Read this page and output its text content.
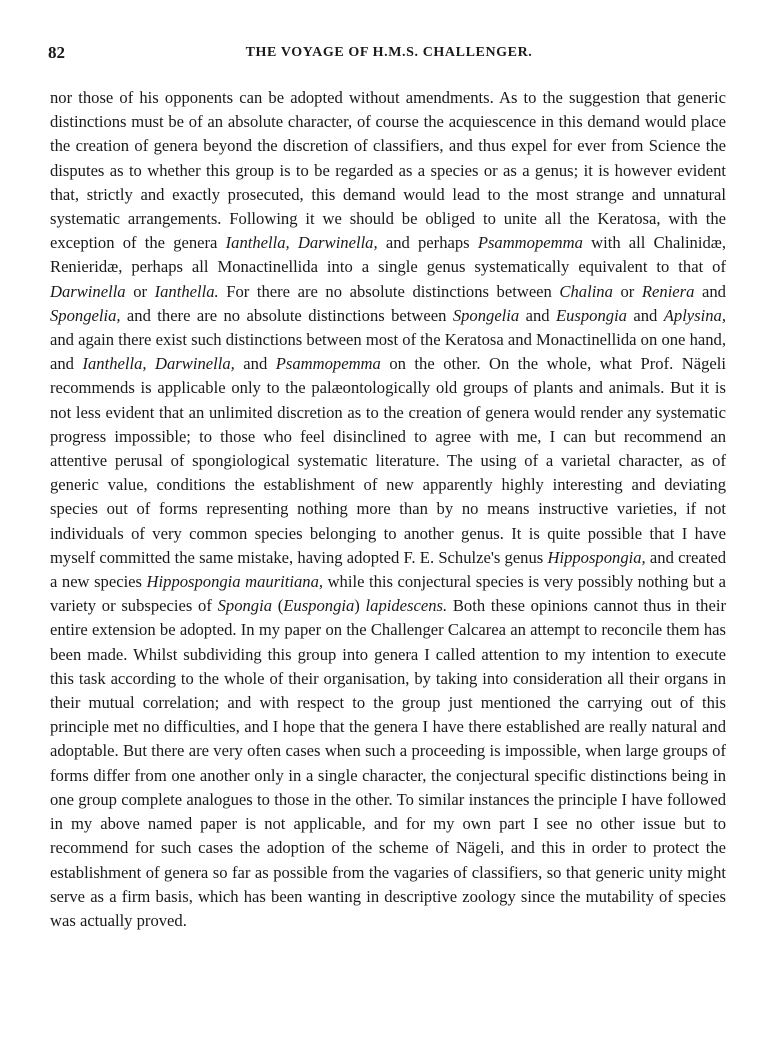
82	THE VOYAGE OF H.M.S. CHALLENGER.

nor those of his opponents can be adopted without amendments. As to the suggestion that generic distinctions must be of an absolute character, of course the acquiescence in this demand would place the creation of genera beyond the discretion of classifiers, and thus expel for ever from Science the disputes as to whether this group is to be regarded as a species or as a genus; it is however evident that, strictly and exactly prosecuted, this demand would lead to the most strange and unnatural systematic arrangements. Following it we should be obliged to unite all the Keratosa, with the exception of the genera Ianthella, Darwinella, and perhaps Psammopemma with all Chalinidæ, Renieridæ, perhaps all Monactinellida into a single genus systematically equivalent to that of Darwinella or Ianthella. For there are no absolute distinctions between Chalina or Reniera and Spongelia, and there are no absolute distinctions between Spongelia and Euspongia and Aplysina, and again there exist such distinctions between most of the Keratosa and Monactinellida on one hand, and Ianthella, Darwinella, and Psammopemma on the other. On the whole, what Prof. Nägeli recommends is applicable only to the palæontologically old groups of plants and animals. But it is not less evident that an unlimited discretion as to the creation of genera would render any systematic progress impossible; to those who feel disinclined to agree with me, I can but recommend an attentive perusal of spongiological systematic literature. The using of a varietal character, as of generic value, conditions the establishment of new apparently highly interesting and deviating species out of forms representing nothing more than by no means instructive varieties, if not individuals of very common species belonging to another genus. It is quite possible that I have myself committed the same mistake, having adopted F. E. Schulze's genus Hippospongia, and created a new species Hippospongia mauritiana, while this conjectural species is very possibly nothing but a variety or subspecies of Spongia (Euspongia) lapidescens. Both these opinions cannot thus in their entire extension be adopted. In my paper on the Challenger Calcarea an attempt to reconcile them has been made. Whilst subdividing this group into genera I called attention to my intention to execute this task according to the whole of their organisation, by taking into consideration all their organs in their mutual correlation; and with respect to the group just mentioned the carrying out of this principle met no difficulties, and I hope that the genera I have there established are really natural and adoptable. But there are very often cases when such a proceeding is impossible, when large groups of forms differ from one another only in a single character, the conjectural specific distinctions being in one group complete analogues to those in the other. To similar instances the principle I have followed in my above named paper is not applicable, and for my own part I see no other issue but to recommend for such cases the adoption of the scheme of Nägeli, and this in order to protect the establishment of genera so far as possible from the vagaries of classifiers, so that generic unity might serve as a firm basis, which has been wanting in descriptive zoology since the mutability of species was actually proved.
